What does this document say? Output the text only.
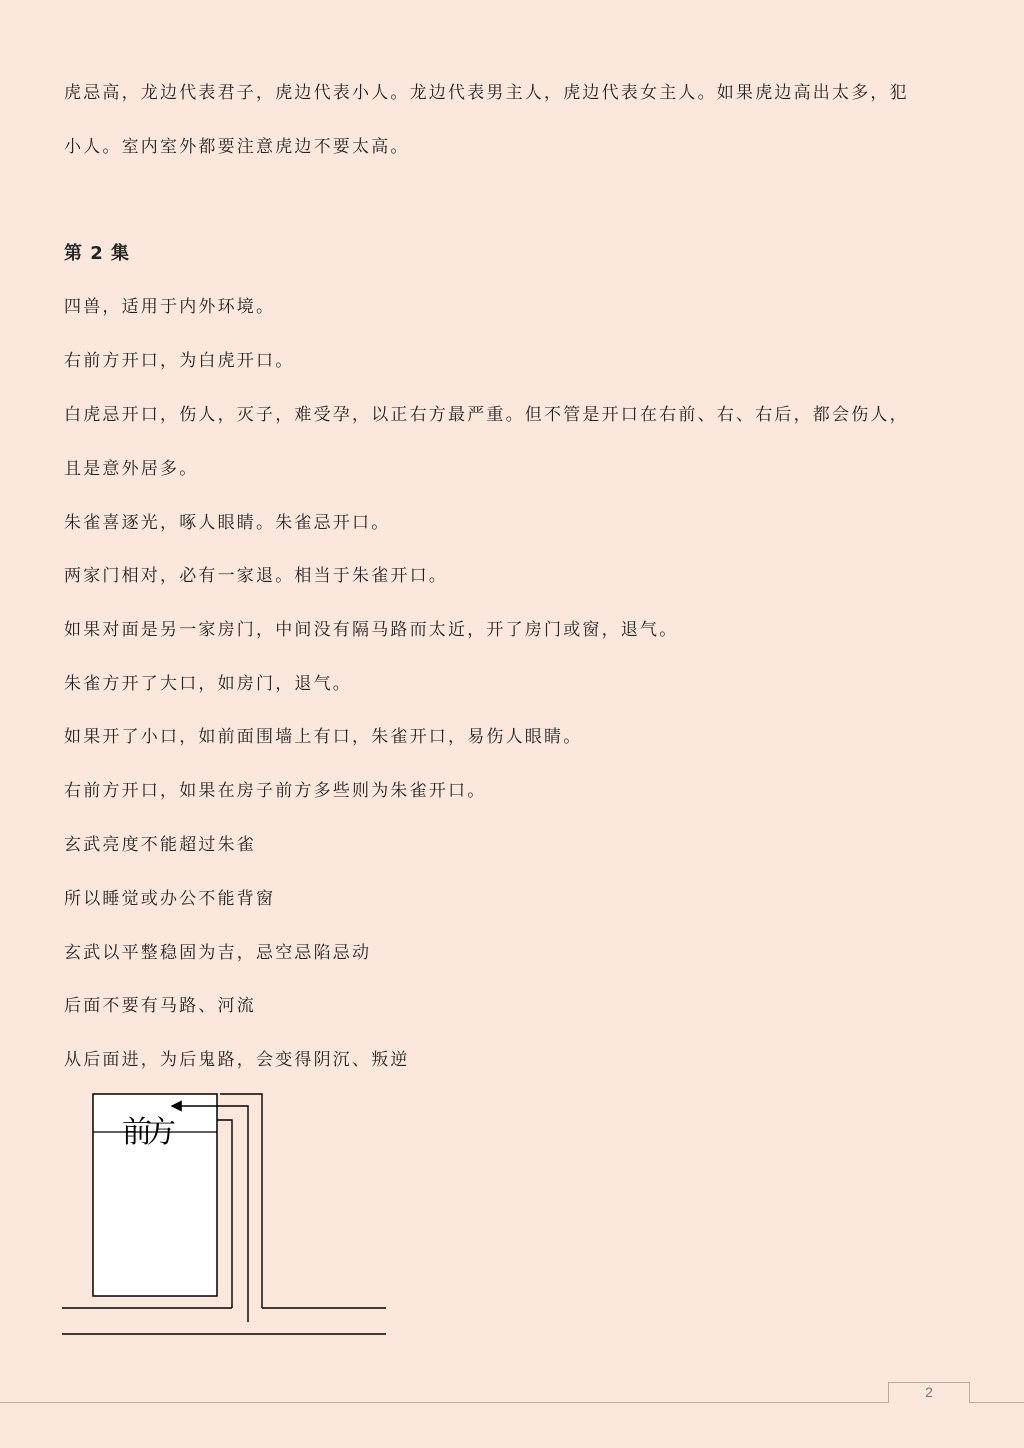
虎忌高，龙边代表君子，虎边代表小人。龙边代表男主人，虎边代表女主人。如果虎边高出太多，犯
小人。室内室外都要注意虎边不要太高。
第 2 集
四兽，适用于内外环境。
右前方开口，为白虎开口。
白虎忌开口，伤人，灭子，难受孕，以正右方最严重。但不管是开口在右前、右、右后，都会伤人，
且是意外居多。
朱雀喜逐光，啄人眼睛。朱雀忌开口。
两家门相对，必有一家退。相当于朱雀开口。
如果对面是另一家房门，中间没有隔马路而太近，开了房门或窗，退气。
朱雀方开了大口，如房门，退气。
如果开了小口，如前面围墙上有口，朱雀开口，易伤人眼睛。
右前方开口，如果在房子前方多些则为朱雀开口。
玄武亮度不能超过朱雀
所以睡觉或办公不能背窗
玄武以平整稳固为吉，忌空忌陷忌动
后面不要有马路、河流
从后面进，为后鬼路，会变得阴沉、叛逆
前方
2
